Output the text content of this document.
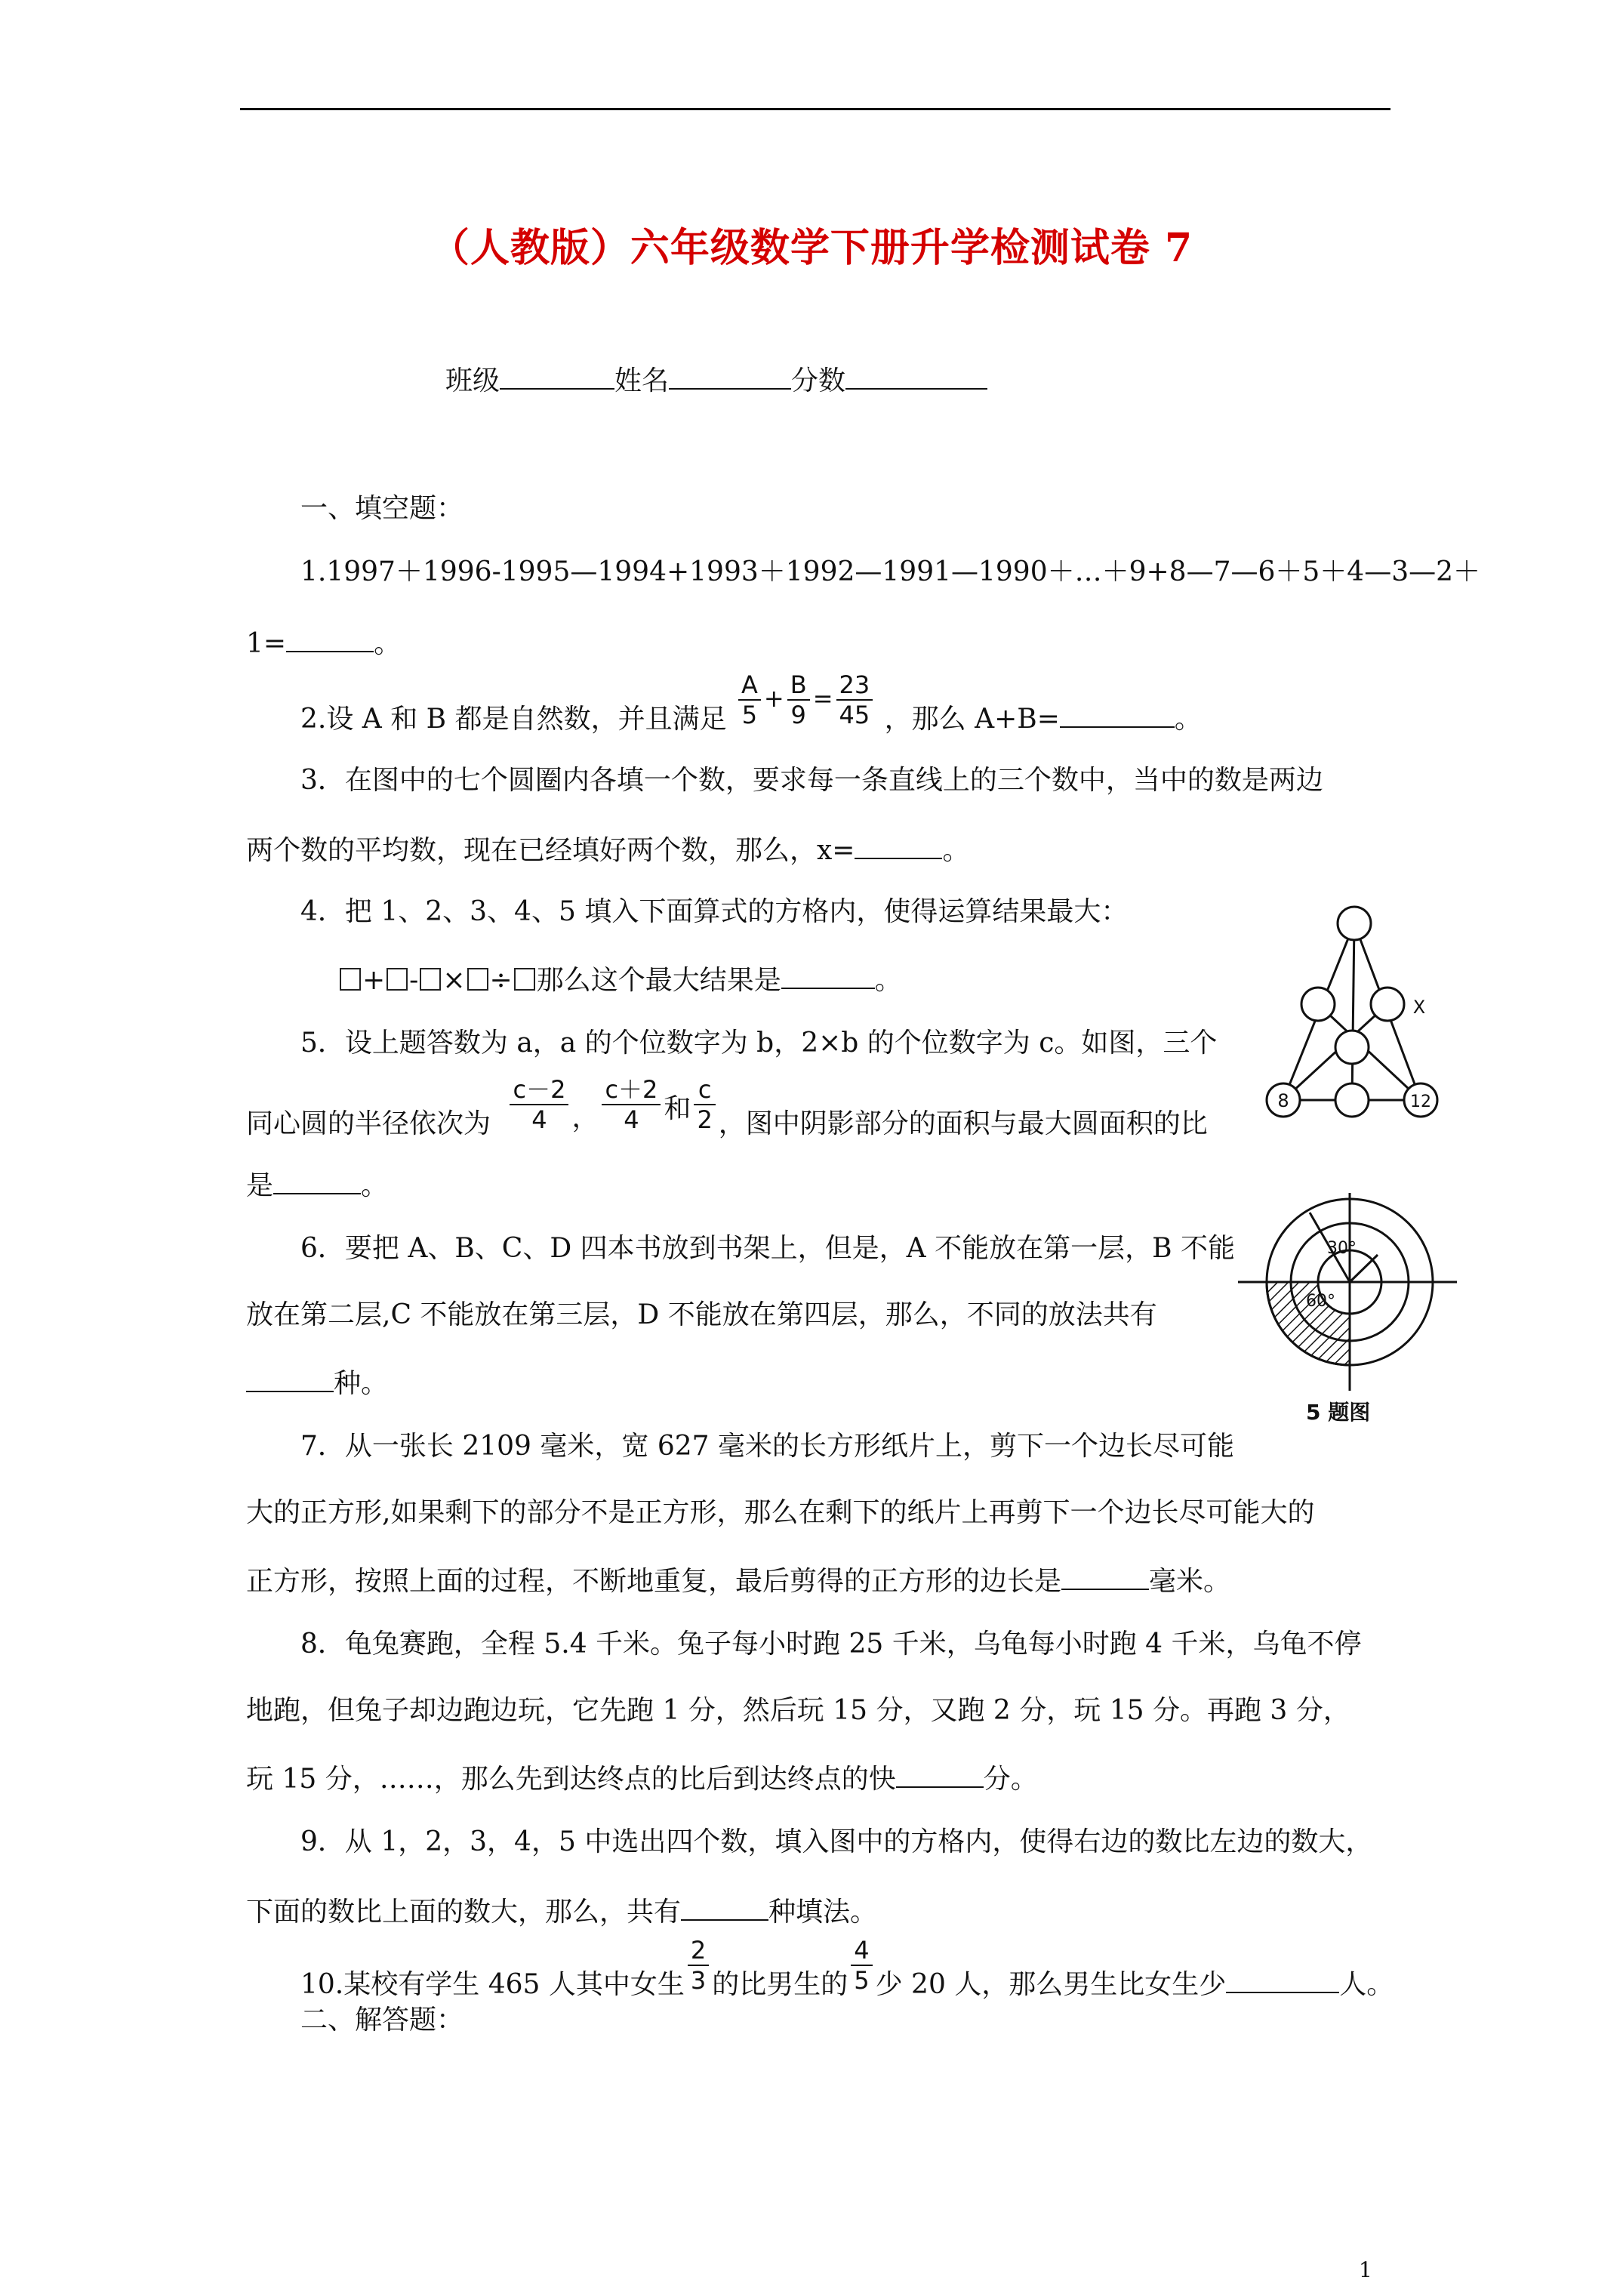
（人教版）六年级数学下册升学检测试卷 7
班级	姓名	分数
一、填空题：
1.1997＋1996-1995—1994+1993＋1992—1991—1990＋…＋9+8—7—6＋5＋4—3—2＋
1=	。
2.设 A 和 B 都是自然数，并且满足 $\frac{A}{5} + \frac{B}{9} = \frac{23}{45}$ ，那么 A+B=	。
3．在图中的七个圆圈内各填一个数，要求每一条直线上的三个数中，当中的数是两边
两个数的平均数，现在已经填好两个数，那么，x=	。
4．把 1、2、3、4、5 填入下面算式的方格内，使得运算结果最大：
+ - × ÷ 那么这个最大结果是	。
5．设上题答数为 a，a 的个位数字为 b，2×b 的个位数字为 c。如图，三个
同心圆的半径依次为 $\frac{c-2}{4}$ ， $\frac{c+2}{4}$ 和 $\frac{c}{2}$ ，图中阴影部分的面积与最大圆面积的比
是	。
6．要把 A、B、C、D 四本书放到书架上，但是，A 不能放在第一层，B 不能
放在第二层,C 不能放在第三层，D 不能放在第四层，那么，不同的放法共有
种。
7．从一张长 2109 毫米，宽 627 毫米的长方形纸片上，剪下一个边长尽可能
大的正方形,如果剩下的部分不是正方形，那么在剩下的纸片上再剪下一个边长尽可能大的
正方形，按照上面的过程，不断地重复，最后剪得的正方形的边长是	毫米。
8．龟兔赛跑，全程 5.4 千米。兔子每小时跑 25 千米，乌龟每小时跑 4 千米，乌龟不停
地跑，但兔子却边跑边玩，它先跑 1 分，然后玩 15 分，又跑 2 分，玩 15 分。再跑 3 分，
玩 15 分，……，那么先到达终点的比后到达终点的快	分。
9．从 1，2，3，4，5 中选出四个数，填入图中的方格内，使得右边的数比左边的数大，
下面的数比上面的数大，那么，共有	种填法。
10.某校有学生 465 人其中女生 $\frac{2}{3}$ 的比男生的 $\frac{4}{5}$ 少 20 人，那么男生比女生少	人。
二、解答题：
X
8	12
30°
60°
5 题图
1
